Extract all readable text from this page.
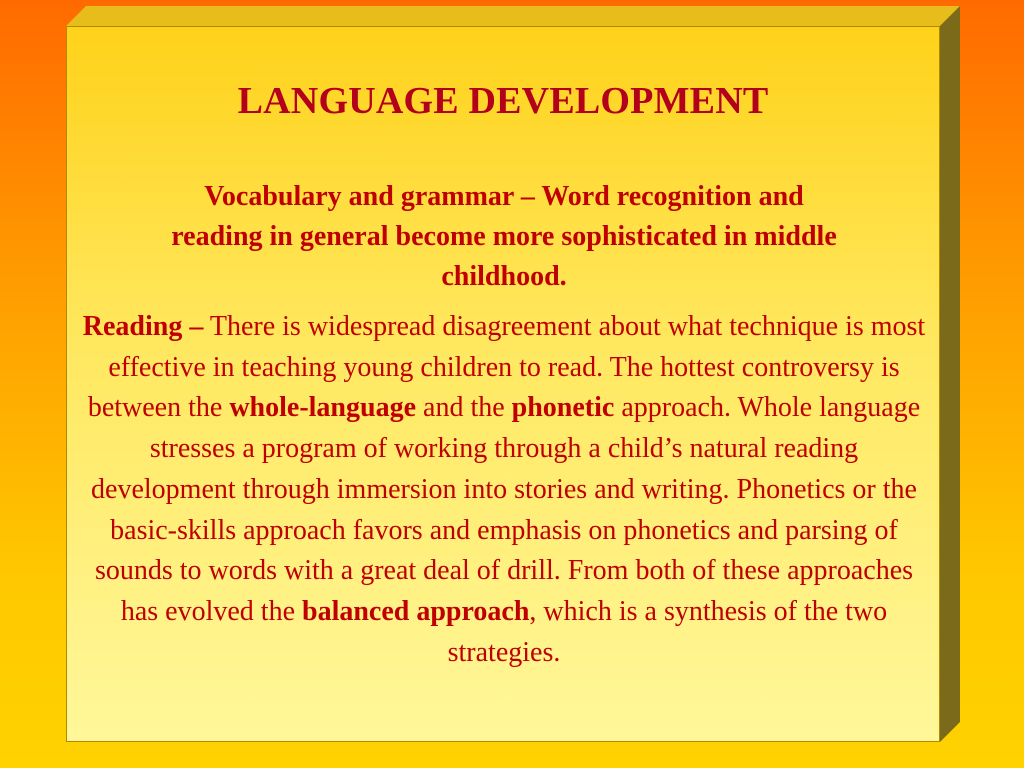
LANGUAGE DEVELOPMENT

Vocabulary and grammar – Word recognition and
reading in general become more sophisticated in middle
childhood.

Reading – There is widespread disagreement about what technique is most effective in teaching young children to read. The hottest controversy is between the whole-language and the phonetic approach. Whole language stresses a program of working through a child’s natural reading development through immersion into stories and writing. Phonetics or the basic-skills approach favors and emphasis on phonetics and parsing of sounds to words with a great deal of drill. From both of these approaches has evolved the balanced approach, which is a synthesis of the two strategies.
